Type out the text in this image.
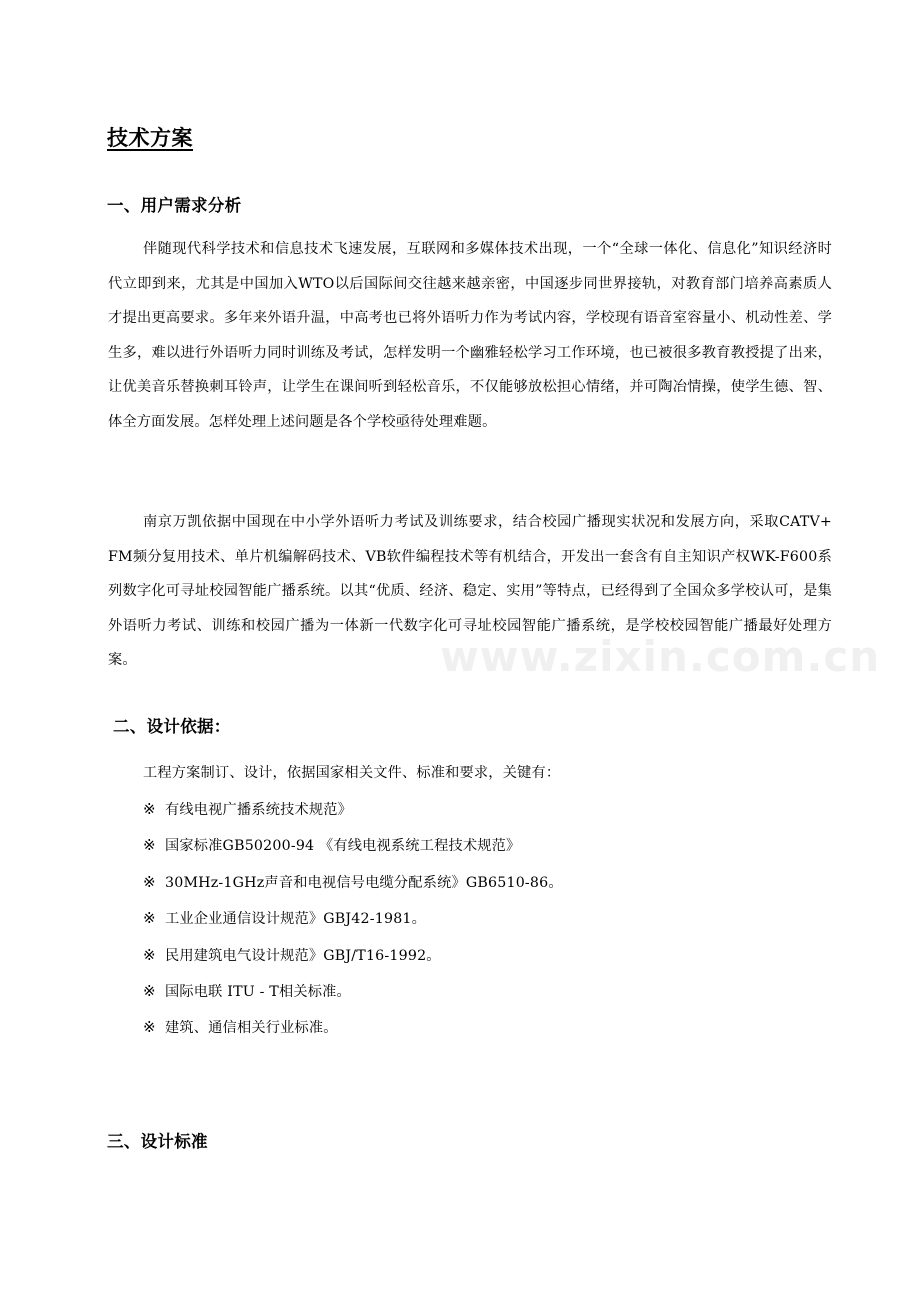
www.zixin.com.cn
技术方案
一、用户需求分析

伴随现代科学技术和信息技术飞速发展，互联网和多媒体技术出现，一个“全球一体化、信息化”知识经济时代立即到来，尤其是中国加入WTO以后国际间交往越来越亲密，中国逐步同世界接轨，对教育部门培养高素质人才提出更高要求。多年来外语升温，中高考也已将外语听力作为考试内容，学校现有语音室容量小、机动性差、学生多，难以进行外语听力同时训练及考试，怎样发明一个幽雅轻松学习工作环境，也已被很多教育教授提了出来，让优美音乐替换刺耳铃声，让学生在课间听到轻松音乐，不仅能够放松担心情绪，并可陶冶情操，使学生德、智、体全方面发展。怎样处理上述问题是各个学校亟待处理难题。

南京万凯依据中国现在中小学外语听力考试及训练要求，结合校园广播现实状况和发展方向，采取CATV+ FM频分复用技术、单片机编解码技术、VB软件编程技术等有机结合，开发出一套含有自主知识产权WK-F600系列数字化可寻址校园智能广播系统。以其“优质、经济、稳定、实用”等特点，已经得到了全国众多学校认可，是集外语听力考试、训练和校园广播为一体新一代数字化可寻址校园智能广播系统，是学校校园智能广播最好处理方案。

二、设计依据：
工程方案制订、设计，依据国家相关文件、标准和要求，关键有：
※ 有线电视广播系统技术规范》
※ 国家标准GB50200-94 《有线电视系统工程技术规范》
※ 30MHz-1GHz声音和电视信号电缆分配系统》GB6510-86。
※ 工业企业通信设计规范》GBJ42-1981。
※ 民用建筑电气设计规范》GBJ/T16-1992。
※ 国际电联 ITU - T相关标准。
※ 建筑、通信相关行业标准。
三、设计标准
